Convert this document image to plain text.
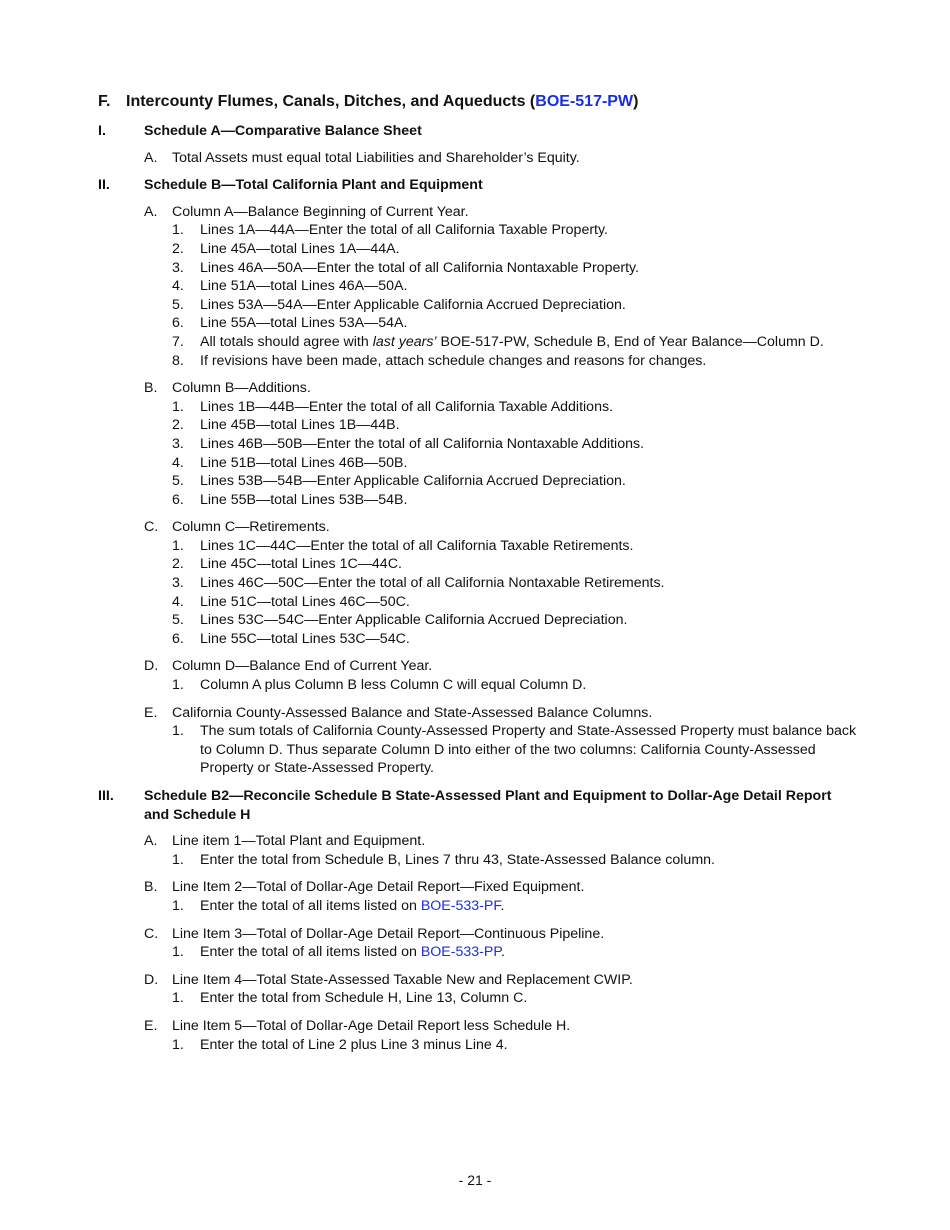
F. Intercounty Flumes, Canals, Ditches, and Aqueducts (BOE-517-PW)
I.	Schedule A—Comparative Balance Sheet
A. Total Assets must equal total Liabilities and Shareholder’s Equity.
II. Schedule B—Total California Plant and Equipment
A. Column A—Balance Beginning of Current Year.
1. Lines 1A—44A—Enter the total of all California Taxable Property.
2. Line 45A—total Lines 1A—44A.
3. Lines 46A—50A—Enter the total of all California Nontaxable Property.
4. Line 51A—total Lines 46A—50A.
5. Lines 53A—54A—Enter Applicable California Accrued Depreciation.
6. Line 55A—total Lines 53A—54A.
7. All totals should agree with last years’ BOE-517-PW, Schedule B, End of Year Balance—Column D.
8. If revisions have been made, attach schedule changes and reasons for changes.
B. Column B—Additions.
1. Lines 1B—44B—Enter the total of all California Taxable Additions.
2. Line 45B—total Lines 1B—44B.
3. Lines 46B—50B—Enter the total of all California Nontaxable Additions.
4. Line 51B—total Lines 46B—50B.
5. Lines 53B—54B—Enter Applicable California Accrued Depreciation.
6. Line 55B—total Lines 53B—54B.
C. Column C—Retirements.
1. Lines 1C—44C—Enter the total of all California Taxable Retirements.
2. Line 45C—total Lines 1C—44C.
3. Lines 46C—50C—Enter the total of all California Nontaxable Retirements.
4. Line 51C—total Lines 46C—50C.
5. Lines 53C—54C—Enter Applicable California Accrued Depreciation.
6. Line 55C—total Lines 53C—54C.
D. Column D—Balance End of Current Year.
1. Column A plus Column B less Column C will equal Column D.
E. California County-Assessed Balance and State-Assessed Balance Columns.
1. The sum totals of California County-Assessed Property and State-Assessed Property must balance back to Column D. Thus separate Column D into either of the two columns: California County-Assessed Property or State-Assessed Property.
III. Schedule B2—Reconcile Schedule B State-Assessed Plant and Equipment to Dollar-Age Detail Report and Schedule H
A. Line item 1—Total Plant and Equipment.
1. Enter the total from Schedule B, Lines 7 thru 43, State-Assessed Balance column.
B. Line Item 2—Total of Dollar-Age Detail Report—Fixed Equipment.
1. Enter the total of all items listed on BOE-533-PF.
C. Line Item 3—Total of Dollar-Age Detail Report—Continuous Pipeline.
1. Enter the total of all items listed on BOE-533-PP.
D. Line Item 4—Total State-Assessed Taxable New and Replacement CWIP.
1. Enter the total from Schedule H, Line 13, Column C.
E. Line Item 5—Total of Dollar-Age Detail Report less Schedule H.
1. Enter the total of Line 2 plus Line 3 minus Line 4.
- 21 -
